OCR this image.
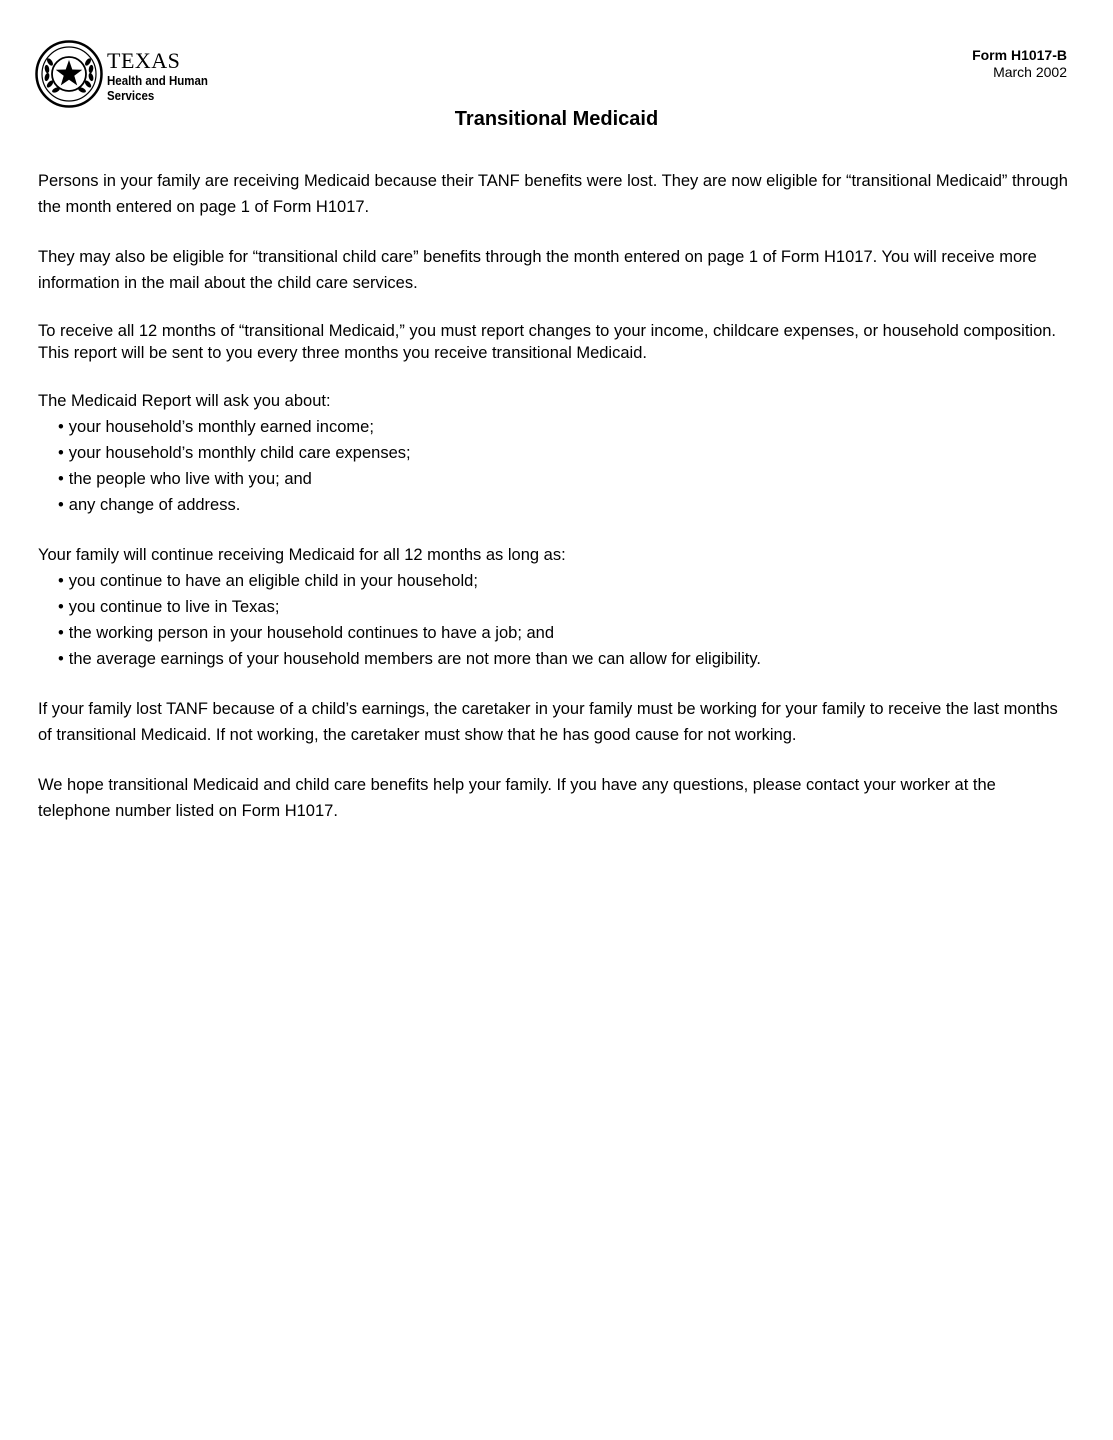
TEXAS
Health and Human
Services
Form H1017-B
March 2002
Transitional Medicaid

Persons in your family are receiving Medicaid because their TANF benefits were lost. They are now eligible for “transitional Medicaid” through the month entered on page 1 of Form H1017.

They may also be eligible for “transitional child care” benefits through the month entered on page 1 of Form H1017. You will receive more information in the mail about the child care services.

To receive all 12 months of “transitional Medicaid,” you must report changes to your income, childcare expenses, or household composition. This report will be sent to you every three months you receive transitional Medicaid.

The Medicaid Report will ask you about:
• your household’s monthly earned income;
• your household’s monthly child care expenses;
• the people who live with you; and
• any change of address.
Your family will continue receiving Medicaid for all 12 months as long as:
• you continue to have an eligible child in your household;
• you continue to live in Texas;
• the working person in your household continues to have a job; and
• the average earnings of your household members are not more than we can allow for eligibility.

If your family lost TANF because of a child’s earnings, the caretaker in your family must be working for your family to receive the last months of transitional Medicaid. If not working, the caretaker must show that he has good cause for not working.

We hope transitional Medicaid and child care benefits help your family. If you have any questions, please contact your worker at the telephone number listed on Form H1017.
